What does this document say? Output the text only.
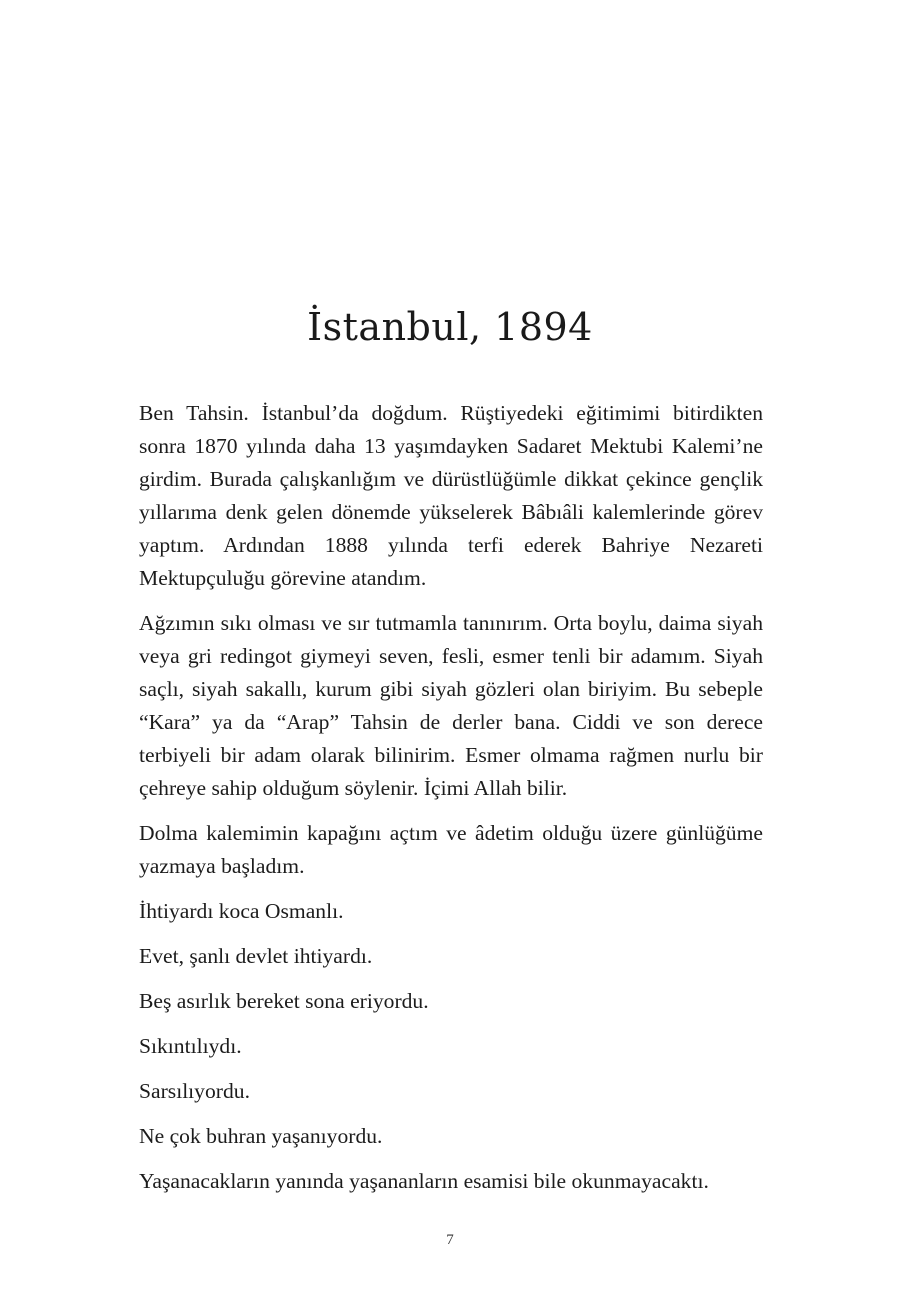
İstanbul, 1894

Ben Tahsin. İstanbul’da doğdum. Rüştiyedeki eğitimimi bitirdikten sonra 1870 yılında daha 13 yaşımdayken Sadaret Mektubi Kalemi’ne girdim. Burada çalışkanlığım ve dürüstlüğümle dikkat çekince gençlik yıllarıma denk gelen dönemde yükselerek Bâbıâli kalemlerinde görev yaptım. Ardından 1888 yılında terfi ederek Bahriye Nezareti Mektupçuluğu görevine atandım.

Ağzımın sıkı olması ve sır tutmamla tanınırım. Orta boylu, daima siyah veya gri redingot giymeyi seven, fesli, esmer tenli bir adamım. Siyah saçlı, siyah sakallı, kurum gibi siyah gözleri olan biriyim. Bu sebeple “Kara” ya da “Arap” Tahsin de derler bana. Ciddi ve son derece terbiyeli bir adam olarak bilinirim. Esmer olmama rağmen nurlu bir çehreye sahip olduğum söylenir. İçimi Allah bilir.

Dolma kalemimin kapağını açtım ve âdetim olduğu üzere günlüğüme yazmaya başladım.

İhtiyardı koca Osmanlı.

Evet, şanlı devlet ihtiyardı.

Beş asırlık bereket sona eriyordu.

Sıkıntılıydı.

Sarsılıyordu.

Ne çok buhran yaşanıyordu.

Yaşanacakların yanında yaşananların esamisi bile okunmayacaktı.

7
